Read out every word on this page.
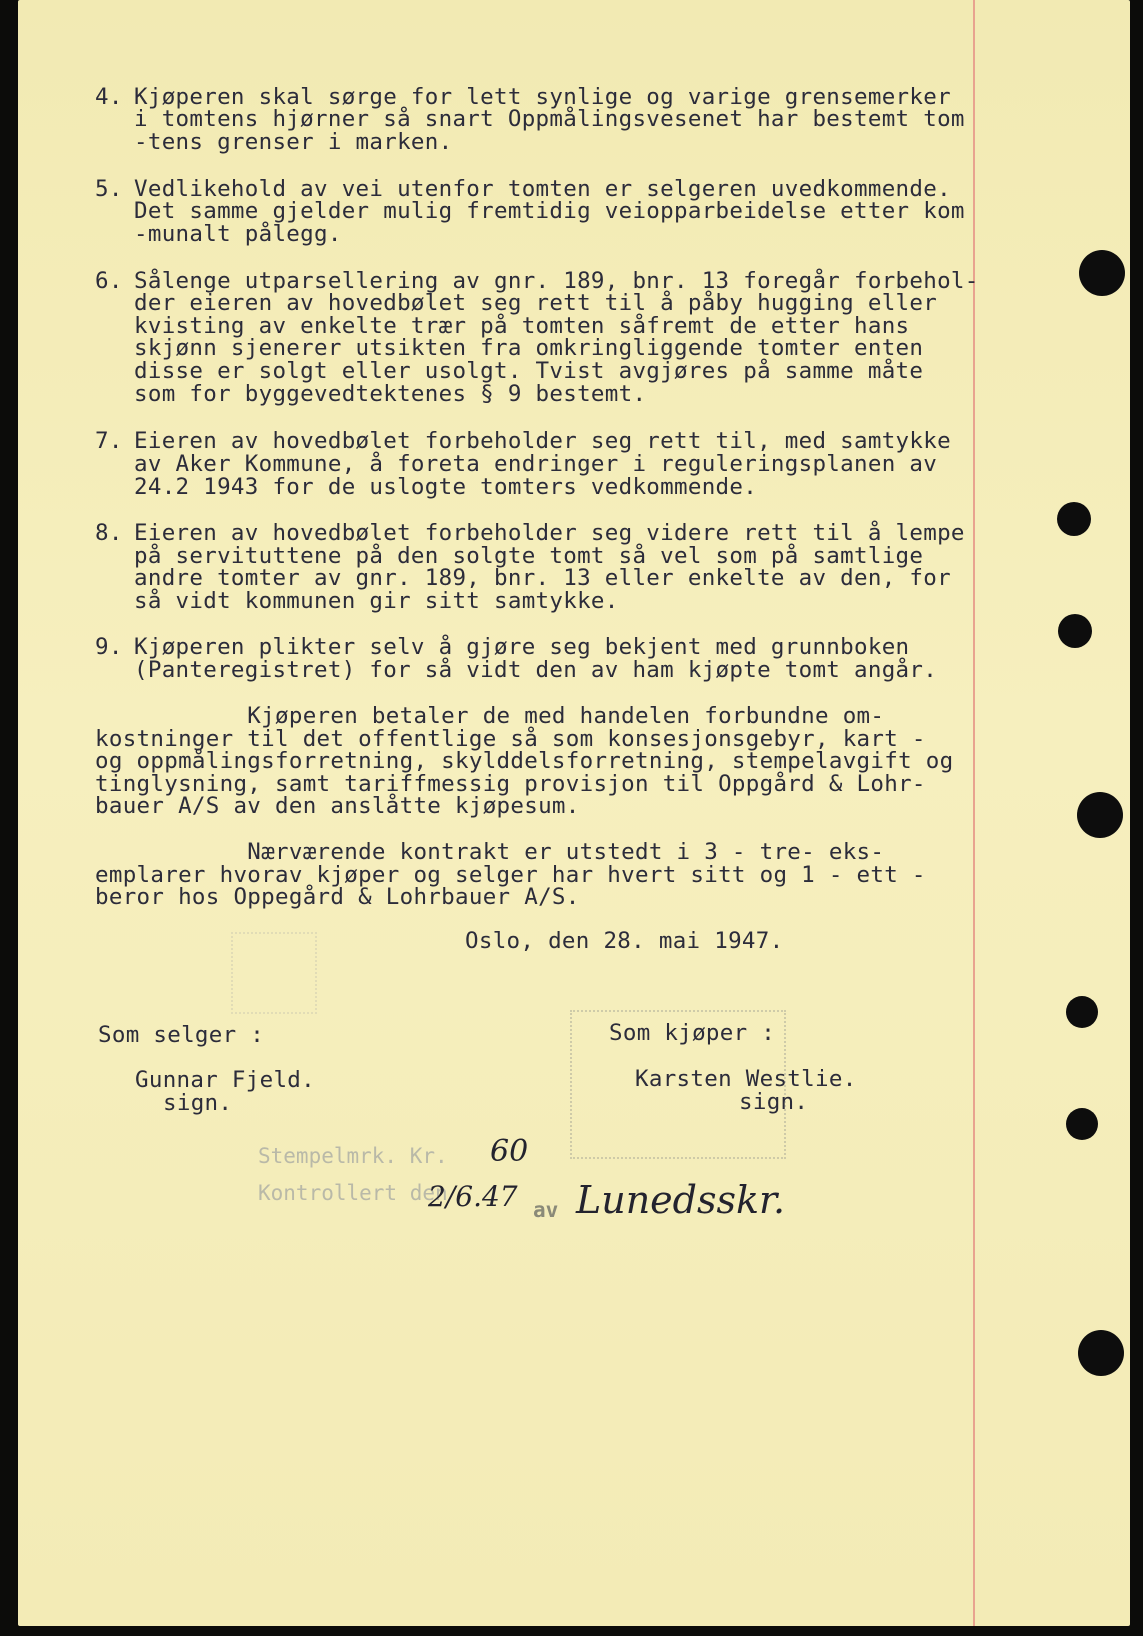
4. Kjøperen skal sørge for lett synlige og varige grensemerker
i tomtens hjørner så snart Oppmålingsvesenet har bestemt tom
-tens grenser i marken.
5. Vedlikehold av vei utenfor tomten er selgeren uvedkommende.
Det samme gjelder mulig fremtidig veiopparbeidelse etter kom
-munalt pålegg.
6. Sålenge utparsellering av gnr. 189, bnr. 13 foregår forbehol-
der eieren av hovedbølet seg rett til å påby hugging eller
kvisting av enkelte trær på tomten såfremt de etter hans
skjønn sjenerer utsikten fra omkringliggende tomter enten
disse er solgt eller usolgt. Tvist avgjøres på samme måte
som for byggevedtektenes § 9 bestemt.
7. Eieren av hovedbølet forbeholder seg rett til, med samtykke
av Aker Kommune, å foreta endringer i reguleringsplanen av
24.2 1943 for de uslogte tomters vedkommende.
8. Eieren av hovedbølet forbeholder seg videre rett til å lempe
på servituttene på den solgte tomt så vel som på samtlige
andre tomter av gnr. 189, bnr. 13 eller enkelte av den, for
så vidt kommunen gir sitt samtykke.
9. Kjøperen plikter selv å gjøre seg bekjent med grunnboken
(Panteregistret) for så vidt den av ham kjøpte tomt angår.
Kjøperen betaler de med handelen forbundne om-
kostninger til det offentlige så som konsesjonsgebyr, kart -
og oppmålingsforretning, skylddelsforretning, stempelavgift og
tinglysning, samt tariffmessig provisjon til Oppgård & Lohr-
bauer A/S av den anslåtte kjøpesum.
Nærværende kontrakt er utstedt i 3 - tre- eks-
emplarer hvorav kjøper og selger har hvert sitt og 1 - ett -
beror hos Oppegård & Lohrbauer A/S.
Oslo, den 28. mai 1947.
Som selger :
Gunnar Fjeld.
sign.
Som kjøper :
Karsten Westlie.
sign.
Stempelmrk. Kr. 60
Kontrollert den
2/6.47 av Lunedsskr.
